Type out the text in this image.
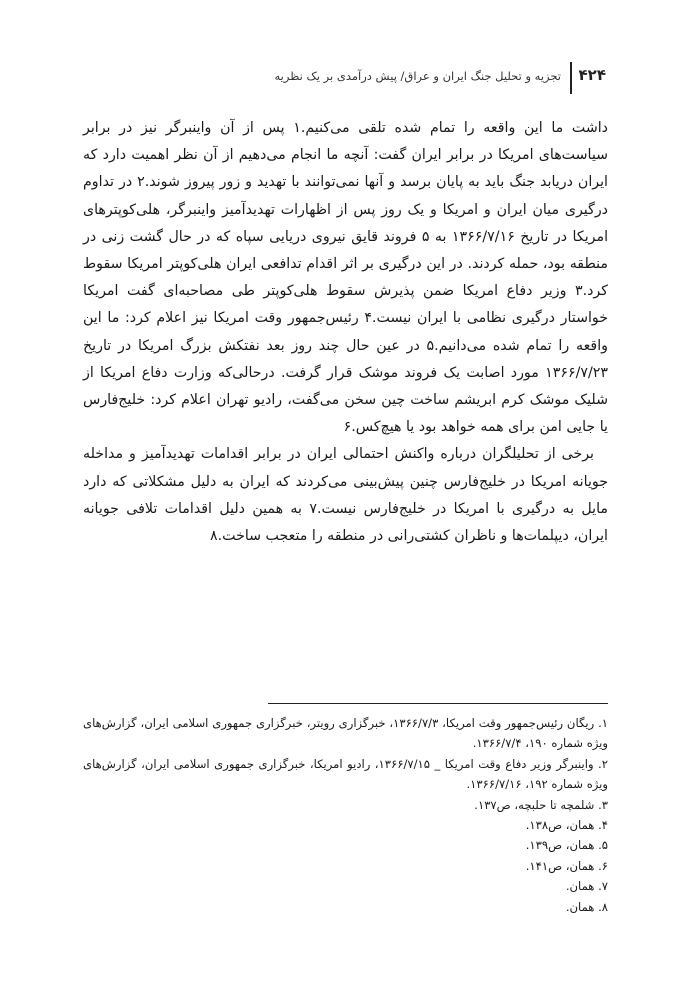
۴۲۴
تجزیه و تحلیل جنگ ایران و عراق/ پیش درآمدی بر یک نظریه

داشت ما این واقعه را تمام شده تلقی می‌کنیم.۱ پس از آن واینبرگر نیز در برابر سیاست‌های امریکا در برابر ایران گفت: آنچه ما انجام می‌دهیم از آن نظر اهمیت دارد که ایران دریابد جنگ باید به پایان برسد و آنها نمی‌توانند با تهدید و زور پیروز شوند.۲ در تداوم درگیری میان ایران و امریکا و یک روز پس از اظهارات تهدیدآمیز واینبرگر، هلی‌کوپترهای امریکا در تاریخ ۱۳۶۶/۷/۱۶ به ۵ فروند قایق نیروی دریایی سپاه که در حال گشت زنی در منطقه بود، حمله کردند. در این درگیری بر اثر اقدام تدافعی ایران هلی‌کوپتر امریکا سقوط کرد.۳ وزیر دفاع امریکا ضمن پذیرش سقوط هلی‌کوپتر طی مصاحبه‌ای گفت امریکا خواستار درگیری نظامی با ایران نیست.۴ رئیس‌جمهور وقت امریکا نیز اعلام کرد: ما این واقعه را تمام شده می‌دانیم.۵ در عین حال چند روز بعد نفتکش بزرگ امریکا در تاریخ ۱۳۶۶/۷/۲۳ مورد اصابت یک فروند موشک قرار گرفت. درحالی‌که وزارت دفاع امریکا از شلیک موشک کرم ابریشم ساخت چین سخن می‌گفت، رادیو تهران اعلام کرد: خلیج‌فارس یا جایی امن برای همه خواهد بود یا هیچ‌کس.۶

برخی از تحلیلگران درباره واکنش احتمالی ایران در برابر اقدامات تهدیدآمیز و مداخله جویانه امریکا در خلیج‌فارس چنین پیش‌بینی می‌کردند که ایران به دلیل مشکلاتی که دارد مایل به درگیری با امریکا در خلیج‌فارس نیست.۷ به همین دلیل اقدامات تلافی جویانه ایران، دیپلمات‌ها و ناظران کشتی‌رانی در منطقه را متعجب ساخت.۸

۱. ریگان رئیس‌جمهور وقت امریکا، ۱۳۶۶/۷/۳، خبرگزاری رویتر، خبرگزاری جمهوری اسلامی ایران، گزارش‌های ویژه شماره ۱۹۰، ۱۳۶۶/۷/۴.

۲. واینبرگر وزیر دفاع وقت امریکا _ ۱۳۶۶/۷/۱۵، رادیو امریکا، خبرگزاری جمهوری اسلامی ایران، گزارش‌های ویژه شماره ۱۹۲، ۱۳۶۶/۷/۱۶.

۳. شلمچه تا حلبچه، ص۱۳۷.

۴. همان، ص۱۳۸.

۵. همان، ص۱۳۹.

۶. همان، ص۱۴۱.

۷. همان.

۸. همان.
